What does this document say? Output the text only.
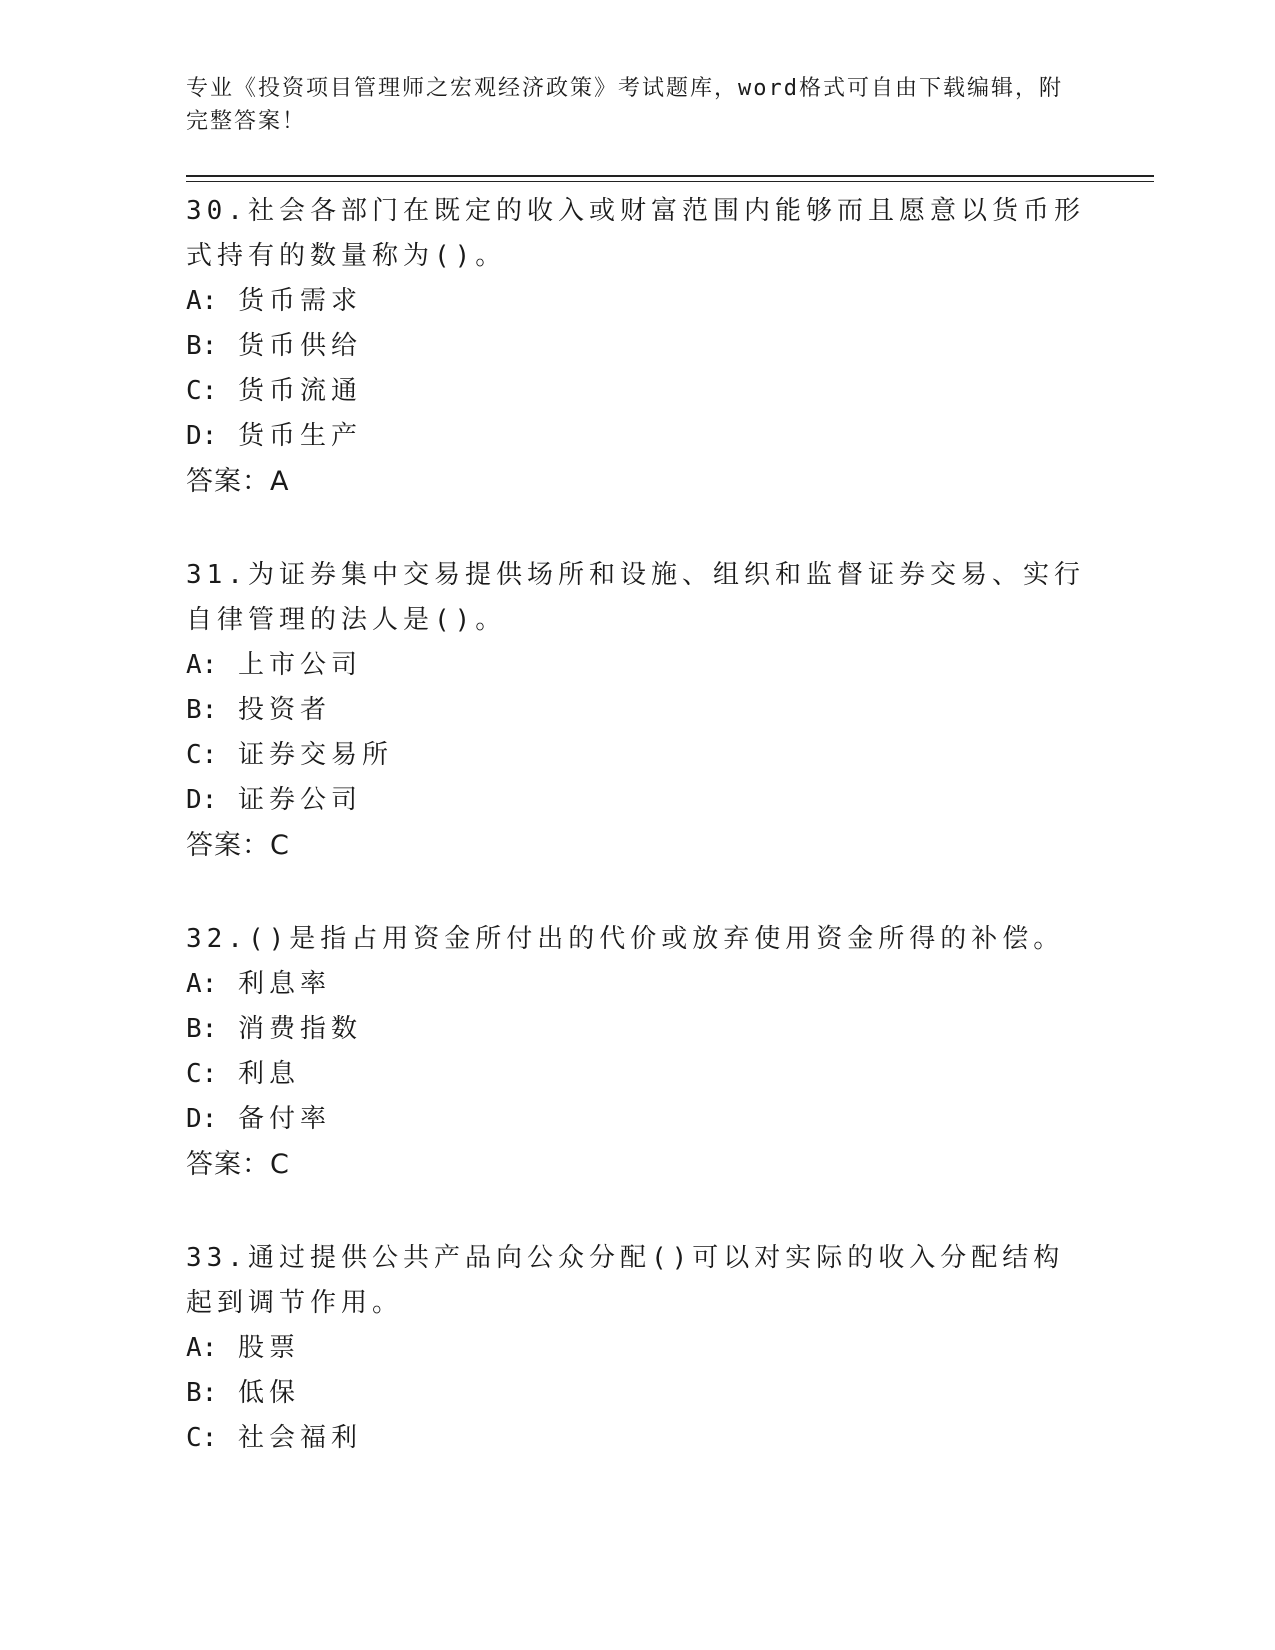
专业《投资项目管理师之宏观经济政策》考试题库，word格式可自由下载编辑，附完整答案！

30.社会各部门在既定的收入或财富范围内能够而且愿意以货币形式持有的数量称为()。

A: 货币需求

B: 货币供给

C: 货币流通

D: 货币生产

答案：A

31.为证券集中交易提供场所和设施、组织和监督证券交易、实行自律管理的法人是()。

A: 上市公司

B: 投资者

C: 证券交易所

D: 证券公司

答案：C

32.()是指占用资金所付出的代价或放弃使用资金所得的补偿。

A: 利息率

B: 消费指数

C: 利息

D: 备付率

答案：C

33.通过提供公共产品向公众分配()可以对实际的收入分配结构起到调节作用。

A: 股票

B: 低保

C: 社会福利
